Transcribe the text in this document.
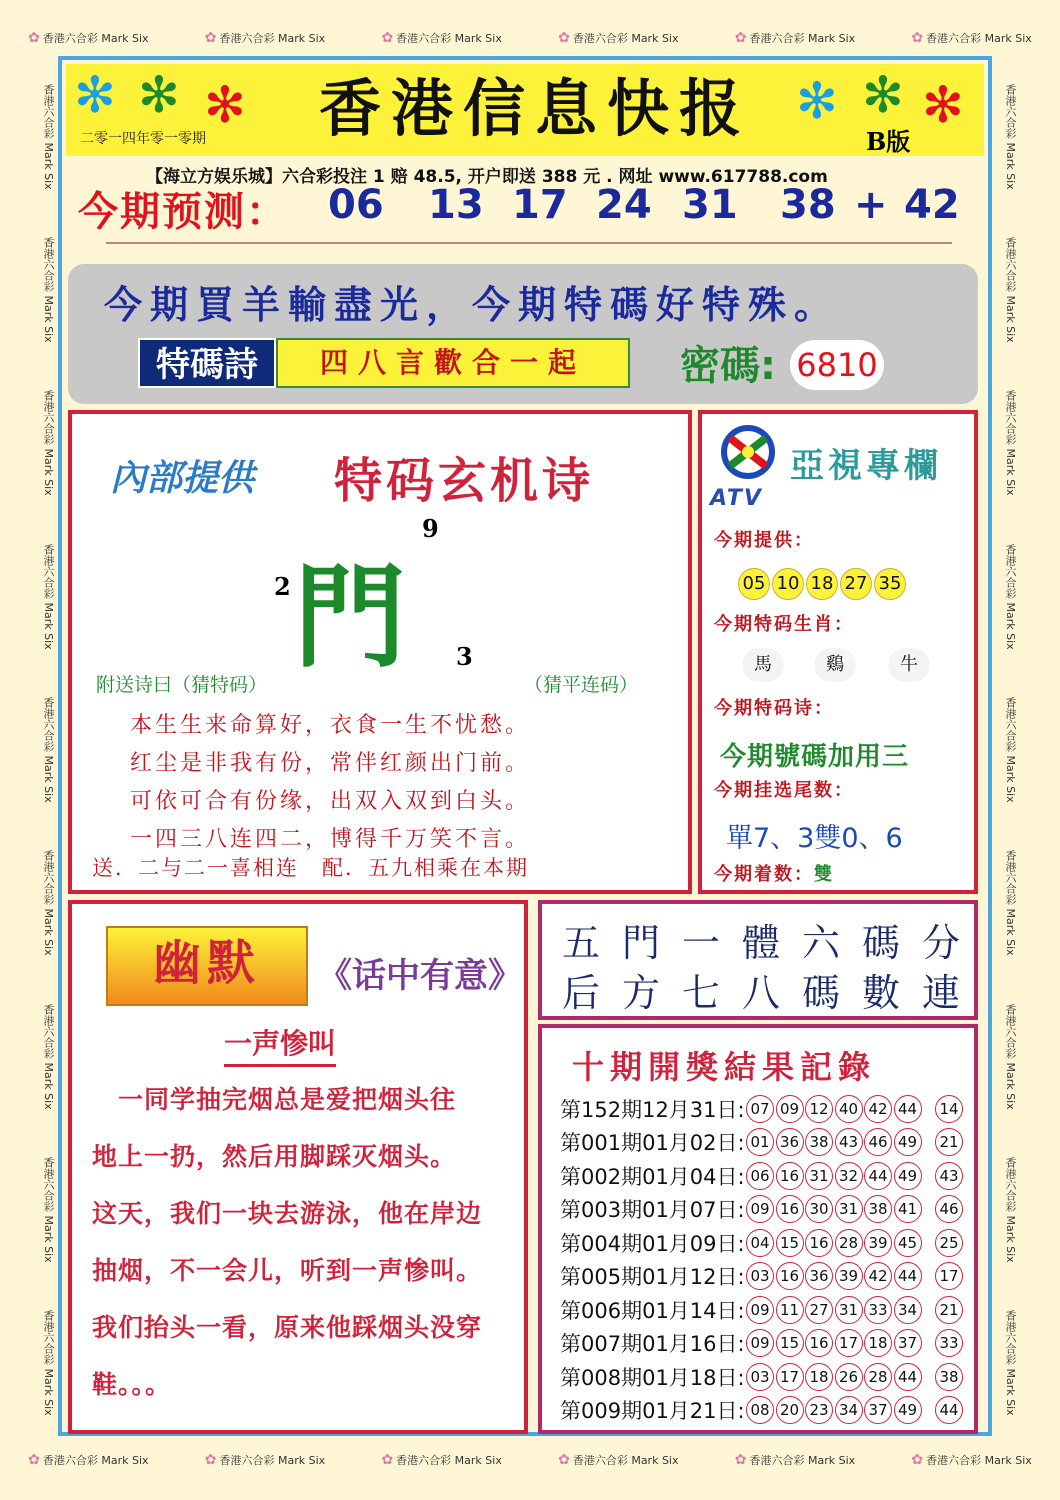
✿ 香港六合彩 Mark Six	✿ 香港六合彩 Mark Six	✿ 香港六合彩 Mark Six	✿ 香港六合彩 Mark Six	✿ 香港六合彩 Mark Six	✿ 香港六合彩 Mark Six
✿ 香港六合彩 Mark Six	✿ 香港六合彩 Mark Six	✿ 香港六合彩 Mark Six	✿ 香港六合彩 Mark Six	✿ 香港六合彩 Mark Six	✿ 香港六合彩 Mark Six
香港六合彩 Mark Six
香港六合彩 Mark Six
香港六合彩 Mark Six
香港六合彩 Mark Six
香港六合彩 Mark Six
香港六合彩 Mark Six
香港六合彩 Mark Six
香港六合彩 Mark Six
香港六合彩 Mark Six
香港六合彩 Mark Six
香港六合彩 Mark Six
香港六合彩 Mark Six
香港六合彩 Mark Six
香港六合彩 Mark Six
香港六合彩 Mark Six
香港六合彩 Mark Six
香港六合彩 Mark Six
香港六合彩 Mark Six
✻ ✻ ✻	✻ ✻ ✻
二零一四年零一零期	香港信息快报	B版
【海立方娱乐城】六合彩投注 1 赔 48.5, 开户即送 388 元 . 网址 www.617788.com
今期预测： 06 13 17 24 31 38 + 42
今期買羊輸盡光，今期特碼好特殊。
特碼詩	四八言歡合一起	密碼: 6810
內部提供 特码玄机诗
9
2 門 3
附送诗曰（猜特码）	（猜平连码）
本生生来命算好，衣食一生不忧愁。
红尘是非我有份，常伴红颜出门前。
可依可合有份缘，出双入双到白头。
一四三八连四二，博得千万笑不言。
送．二与二一喜相连　配．五九相乘在本期
ATV
亞視專欄
今期提供：
05 10 18 27 35
今期特码生肖：
馬	鷄	牛
今期特码诗：
今期號碼加用三
今期挂选尾数：
單7、3雙0、6
今期着数：雙
幽默	《话中有意》
一声惨叫
　一同学抽完烟总是爱把烟头往
地上一扔，然后用脚踩灭烟头。
这天，我们一块去游泳，他在岸边
抽烟，不一会儿，听到一声惨叫。
我们抬头一看，原来他踩烟头没穿
鞋。。。
五門一體六碼分
后方七八碼數連
十期開獎結果記錄
第152期12月31日: 07 09 12 40 42 44 14
第001期01月02日: 01 36 38 43 46 49 21
第002期01月04日: 06 16 31 32 44 49 43
第003期01月07日: 09 16 30 31 38 41 46
第004期01月09日: 04 15 16 28 39 45 25
第005期01月12日: 03 16 36 39 42 44 17
第006期01月14日: 09 11 27 31 33 34 21
第007期01月16日: 09 15 16 17 18 37 33
第008期01月18日: 03 17 18 26 28 44 38
第009期01月21日: 08 20 23 34 37 49 44
